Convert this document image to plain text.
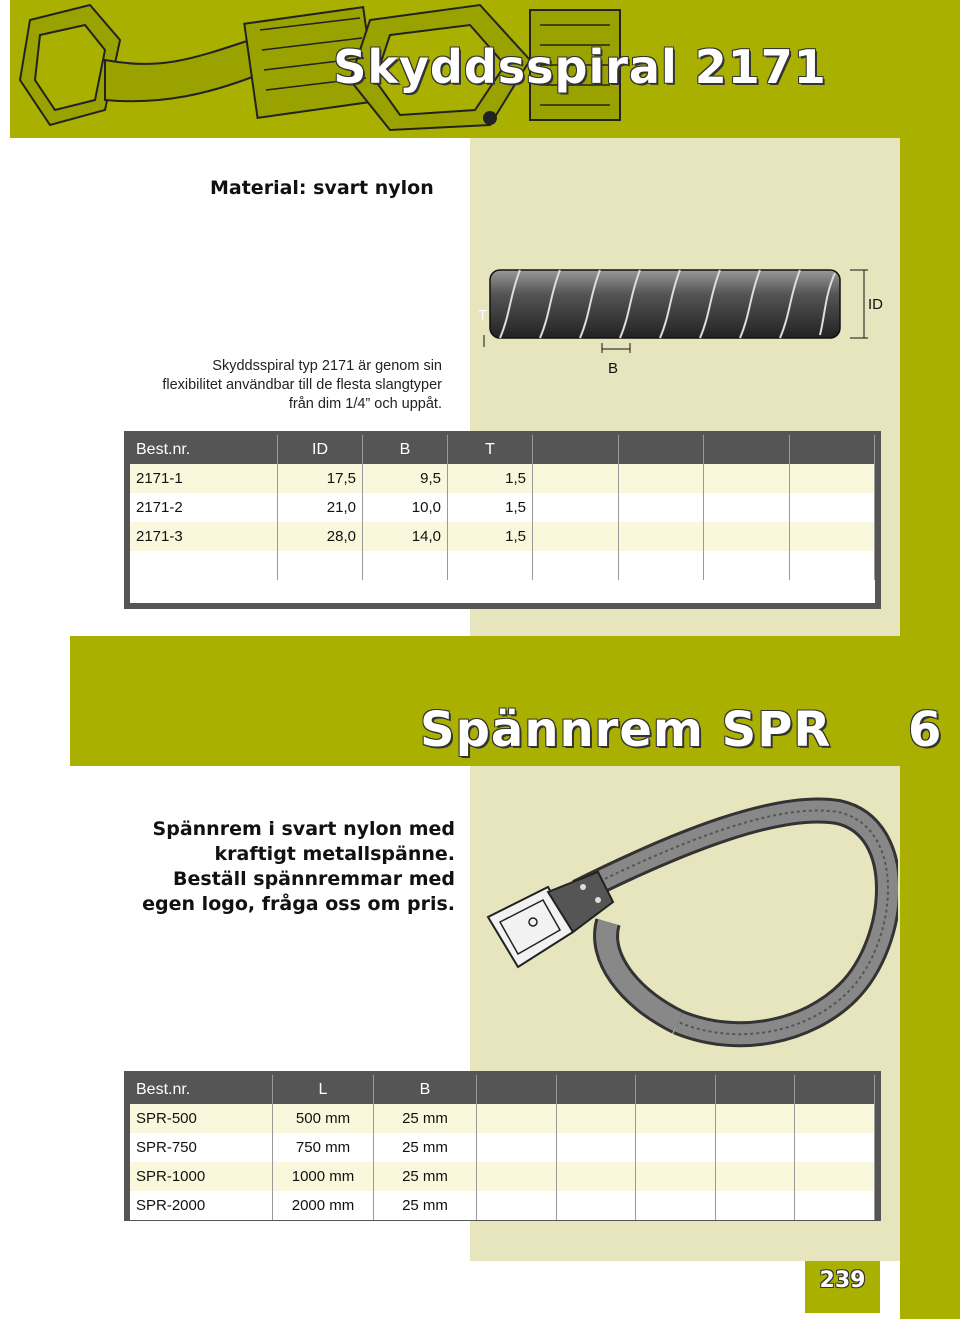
Skyddsspiral 2171
Material: svart nylon
T
ID
B
Skyddsspiral typ 2171 är genom sin
flexibilitet användbar till de flesta slangtyper
från dim 1/4” och uppåt.
Best.nr.	ID	B	T				
2171-1	17,5	9,5	1,5				
2171-2	21,0	10,0	1,5				
2171-3	28,0	14,0	1,5				

Spännrem SPR 6
Spännrem i svart nylon med
kraftigt metallspänne.
Beställ spännremmar med
egen logo, fråga oss om pris.
Best.nr.	L	B					
SPR-500	500 mm	25 mm					
SPR-750	750 mm	25 mm					
SPR-1000	1000 mm	25 mm					
SPR-2000	2000 mm	25 mm					
239
